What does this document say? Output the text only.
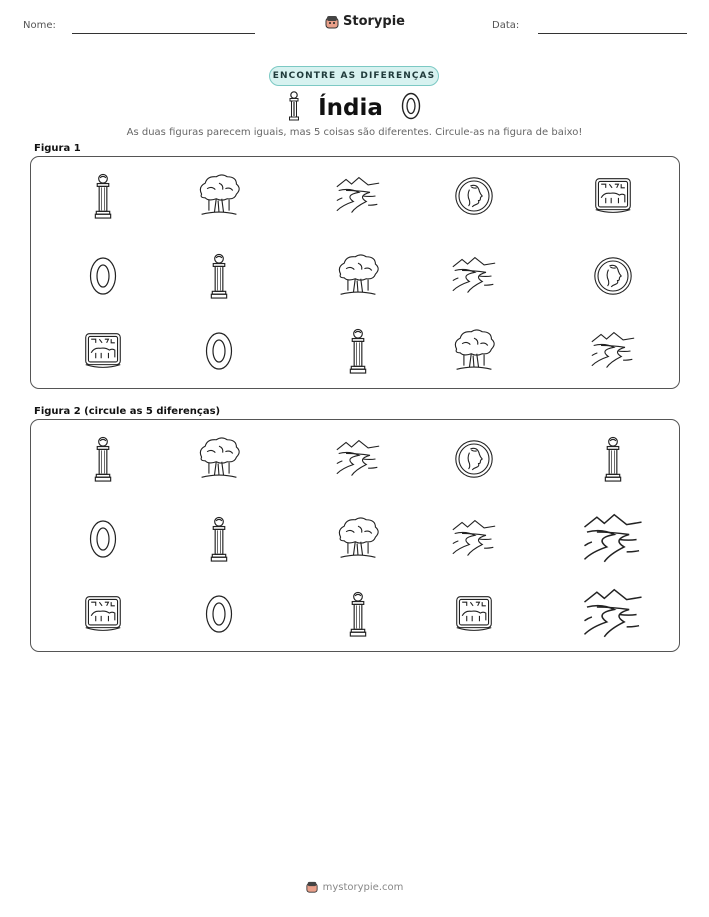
Nome:	Storypie	Data:
ENCONTRE AS DIFERENÇAS
Índia
As duas figuras parecem iguais, mas 5 coisas são diferentes. Circule-as na figura de baixo!
Figura 1
Figura 2 (circule as 5 diferenças)
mystorypie.com
